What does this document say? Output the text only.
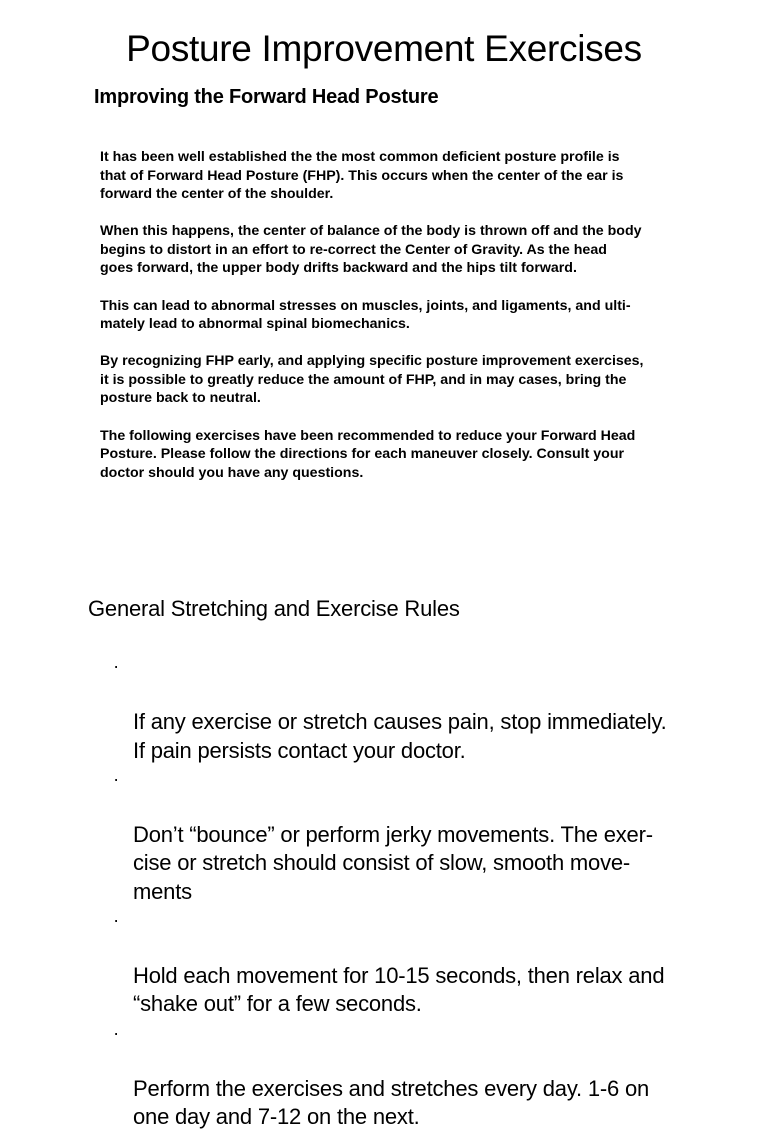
Posture Improvement Exercises
Improving the Forward Head Posture

It has been well established the the most common deficient posture profile is
that of Forward Head Posture (FHP). This occurs when the center of the ear is
forward the center of the shoulder.

When this happens, the center of balance of the body is thrown off and the body
begins to distort in an effort to re-correct the Center of Gravity. As the head
goes forward, the upper body drifts backward and the hips tilt forward.

This can lead to abnormal stresses on muscles, joints, and ligaments, and ulti-
mately lead to abnormal spinal biomechanics.

By recognizing FHP early, and applying specific posture improvement exercises,
it is possible to greatly reduce the amount of FHP, and in may cases, bring the
posture back to neutral.

The following exercises have been recommended to reduce your Forward Head
Posture. Please follow the directions for each maneuver closely. Consult your
doctor should you have any questions.

General Stretching and Exercise Rules

·

If any exercise or stretch causes pain, stop immediately.
If pain persists contact your doctor.

·

Don’t “bounce” or perform jerky movements. The exer-
cise or stretch should consist of slow, smooth move-
ments

·

Hold each movement for 10-15 seconds, then relax and
“shake out” for a few seconds.

·

Perform the exercises and stretches every day. 1-6 on
one day and 7-12 on the next.
